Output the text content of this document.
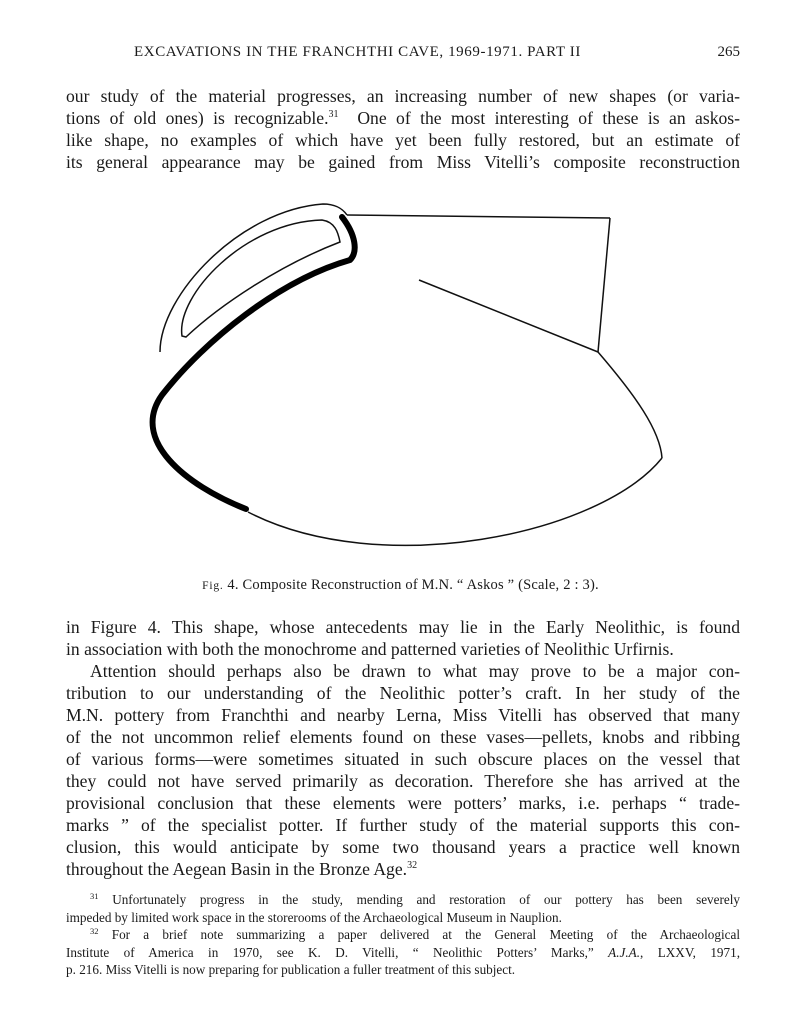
EXCAVATIONS IN THE FRANCHTHI CAVE, 1969-1971. PART II	265
our study of the material progresses, an increasing number of new shapes (or varia-
tions of old ones) is recognizable.$^{31}$ One of the most interesting of these is an askos-
like shape, no examples of which have yet been fully restored, but an estimate of
its general appearance may be gained from Miss Vitelli’s composite reconstruction
Fig. 4. Composite Reconstruction of M.N. “ Askos ” (Scale, 2 : 3).
in Figure 4. This shape, whose antecedents may lie in the Early Neolithic, is found
in association with both the monochrome and patterned varieties of Neolithic Urfirnis.
Attention should perhaps also be drawn to what may prove to be a major con-
tribution to our understanding of the Neolithic potter’s craft. In her study of the
M.N. pottery from Franchthi and nearby Lerna, Miss Vitelli has observed that many
of the not uncommon relief elements found on these vases—pellets, knobs and ribbing
of various forms—were sometimes situated in such obscure places on the vessel that
they could not have served primarily as decoration. Therefore she has arrived at the
provisional conclusion that these elements were potters’ marks, i.e. perhaps “ trade-
marks ” of the specialist potter. If further study of the material supports this con-
clusion, this would anticipate by some two thousand years a practice well known
throughout the Aegean Basin in the Bronze Age.$^{32}$
$^{31}$ Unfortunately progress in the study, mending and restoration of our pottery has been severely
impeded by limited work space in the storerooms of the Archaeological Museum in Nauplion.
$^{32}$ For a brief note summarizing a paper delivered at the General Meeting of the Archaeological
Institute of America in 1970, see K. D. Vitelli, “ Neolithic Potters’ Marks,” A.J.A., LXXV, 1971,
p. 216. Miss Vitelli is now preparing for publication a fuller treatment of this subject.
